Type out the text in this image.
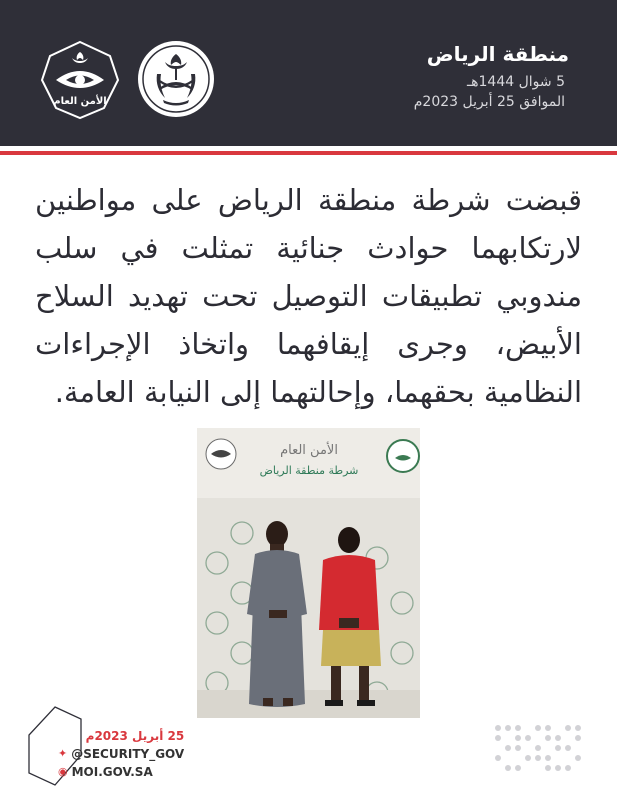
منطقة الرياض
5 شوال 1444هـ
الموافق 25 أبريل 2023م
الأمن العام
قبضت شرطة منطقة الرياض على مواطنين لارتكابهما حوادث جنائية تمثلت في سلب مندوبي تطبيقات التوصيل تحت تهديد السلاح الأبيض، وجرى إيقافهما واتخاذ الإجراءات النظامية بحقهما، وإحالتهما إلى النيابة العامة.
الأمن العام
شرطة منطقة الرياض
25 أبريل 2023م
✦ @SECURITY_GOV
◉ MOI.GOV.SA
